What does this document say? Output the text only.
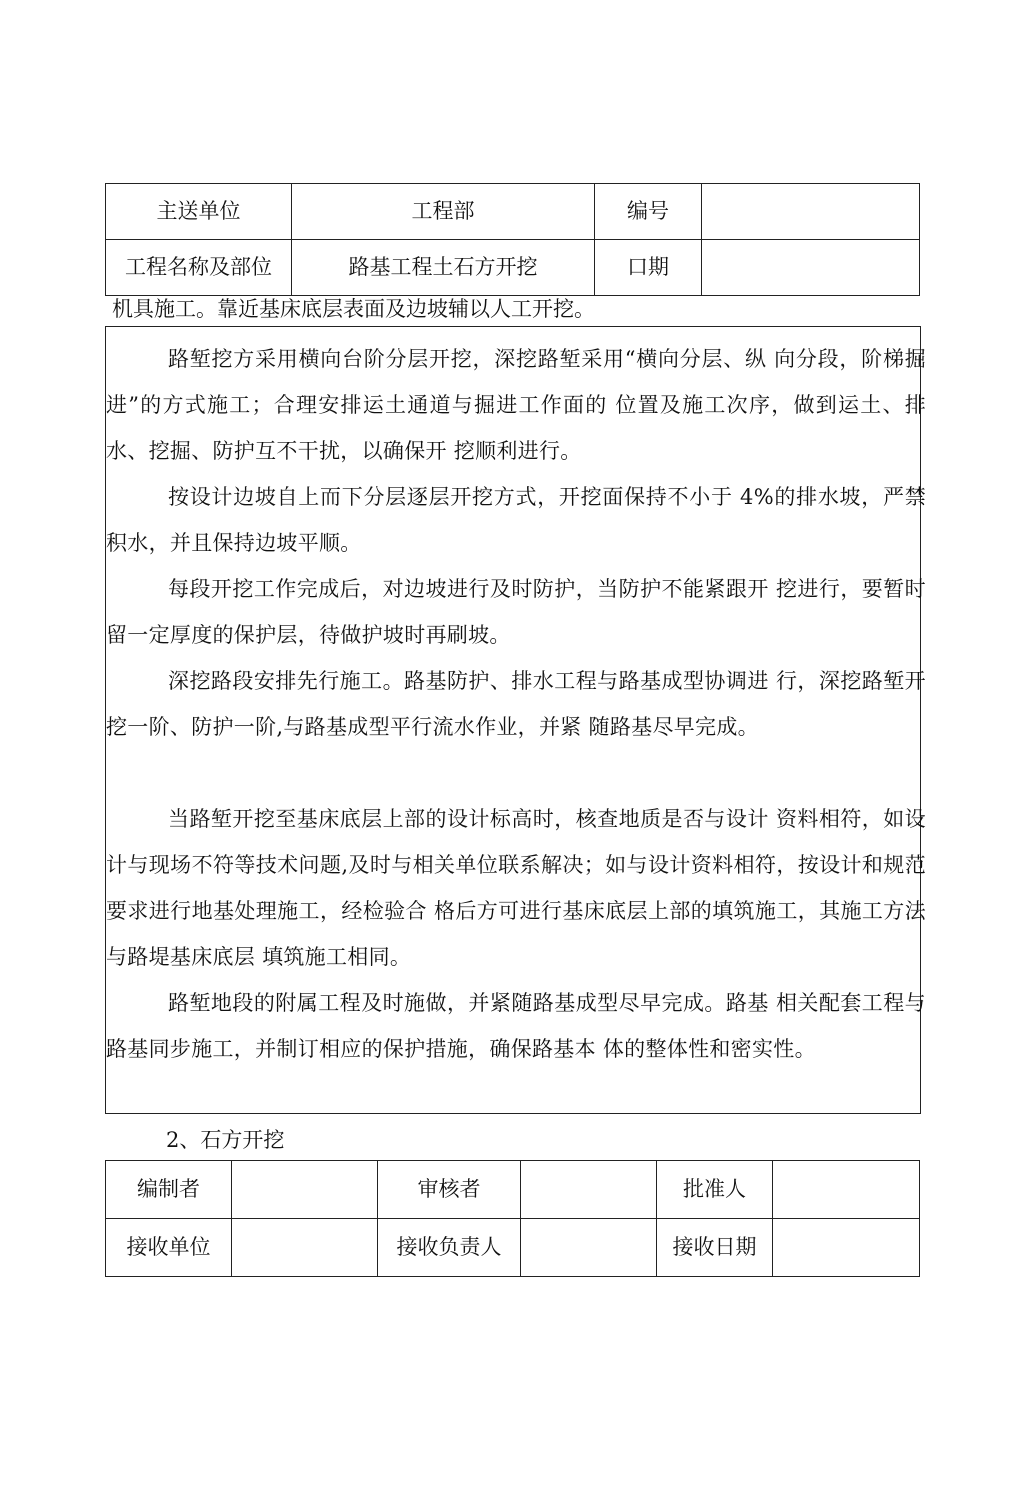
主送单位	工程部	编号	
工程名称及部位	路基工程土石方开挖	口期	
机具施工。靠近基床底层表面及边坡辅以人工开挖。

路堑挖方采用横向台阶分层开挖，深挖路堑采用“横向分层、纵 向分段，阶梯掘进”的方式施工；合理安排运土通道与掘进工作面的 位置及施工次序，做到运土、排水、挖掘、防护互不干扰，以确保开 挖顺利进行。

按设计边坡自上而下分层逐层开挖方式，开挖面保持不小于 4%的排水坡，严禁积水，并且保持边坡平顺。

每段开挖工作完成后，对边坡进行及时防护，当防护不能紧跟开 挖进行，要暂时留一定厚度的保护层，待做护坡时再刷坡。

深挖路段安排先行施工。路基防护、排水工程与路基成型协调进 行，深挖路堑开挖一阶、防护一阶,与路基成型平行流水作业，并紧 随路基尽早完成。

当路堑开挖至基床底层上部的设计标高时，核查地质是否与设计 资料相符，如设计与现场不符等技术问题,及时与相关单位联系解决；如与设计资料相符，按设计和规范要求进行地基处理施工，经检验合 格后方可进行基床底层上部的填筑施工，其施工方法与路堤基床底层 填筑施工相同。

路堑地段的附属工程及时施做，并紧随路基成型尽早完成。路基 相关配套工程与路基同步施工，并制订相应的保护措施，确保路基本 体的整体性和密实性。

2、石方开挖
编制者		审核者		批准人	
接收单位		接收负责人		接收日期	
